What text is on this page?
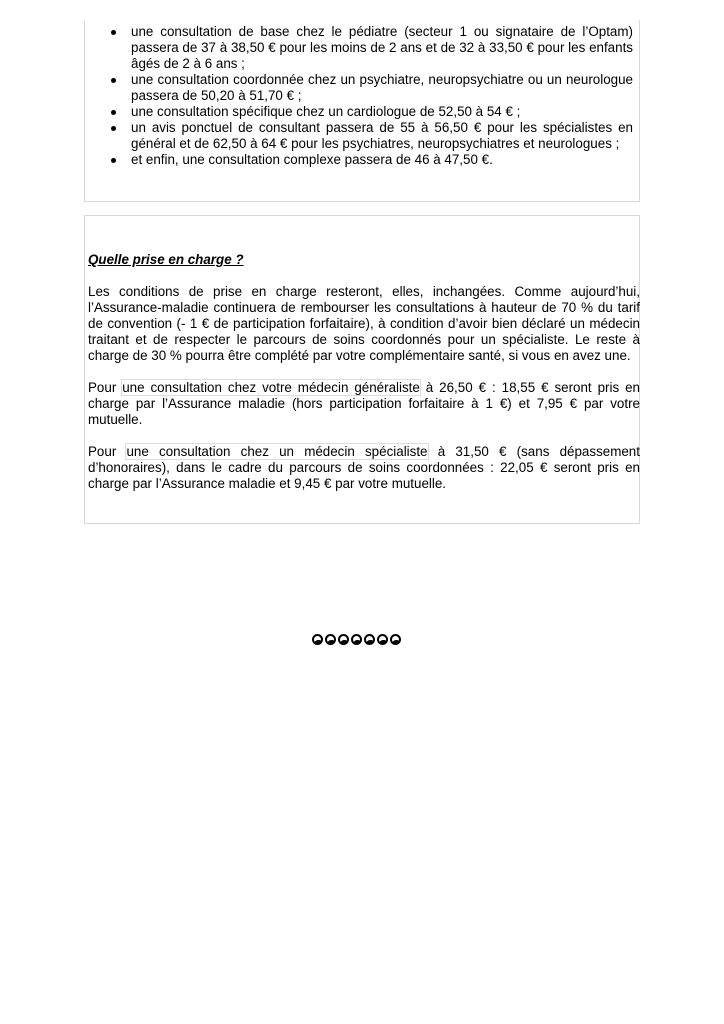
une consultation de base chez le pédiatre (secteur 1 ou signataire de l’Optam) passera de 37 à 38,50 € pour les moins de 2 ans et de 32 à 33,50 € pour les enfants âgés de 2 à 6 ans ;
une consultation coordonnée chez un psychiatre, neuropsychiatre ou un neurologue passera de 50,20 à 51,70 € ;
une consultation spécifique chez un cardiologue de 52,50 à 54 € ;
un avis ponctuel de consultant passera de 55 à 56,50 € pour les spécialistes en général et de 62,50 à 64 € pour les psychiatres, neuropsychiatres et neurologues ;
et enfin, une consultation complexe passera de 46 à 47,50 €.

Quelle prise en charge ?

Les conditions de prise en charge resteront, elles, inchangées. Comme aujourd’hui, l’Assurance-maladie continuera de rembourser les consultations à hauteur de 70 % du tarif de convention (- 1 € de participation forfaitaire), à condition d’avoir bien déclaré un médecin traitant et de respecter le parcours de soins coordonnés pour un spécialiste. Le reste à charge de 30 % pourra être complété par votre complémentaire santé, si vous en avez une.

Pour une consultation chez votre médecin généraliste à 26,50 € : 18,55 € seront pris en charge par l’Assurance maladie (hors participation forfaitaire à 1 €) et 7,95 € par votre mutuelle.

Pour une consultation chez un médecin spécialiste à 31,50 € (sans dépassement d’honoraires), dans le cadre du parcours de soins coordonnées : 22,05 € seront pris en charge par l’Assurance maladie et 9,45 € par votre mutuelle.
